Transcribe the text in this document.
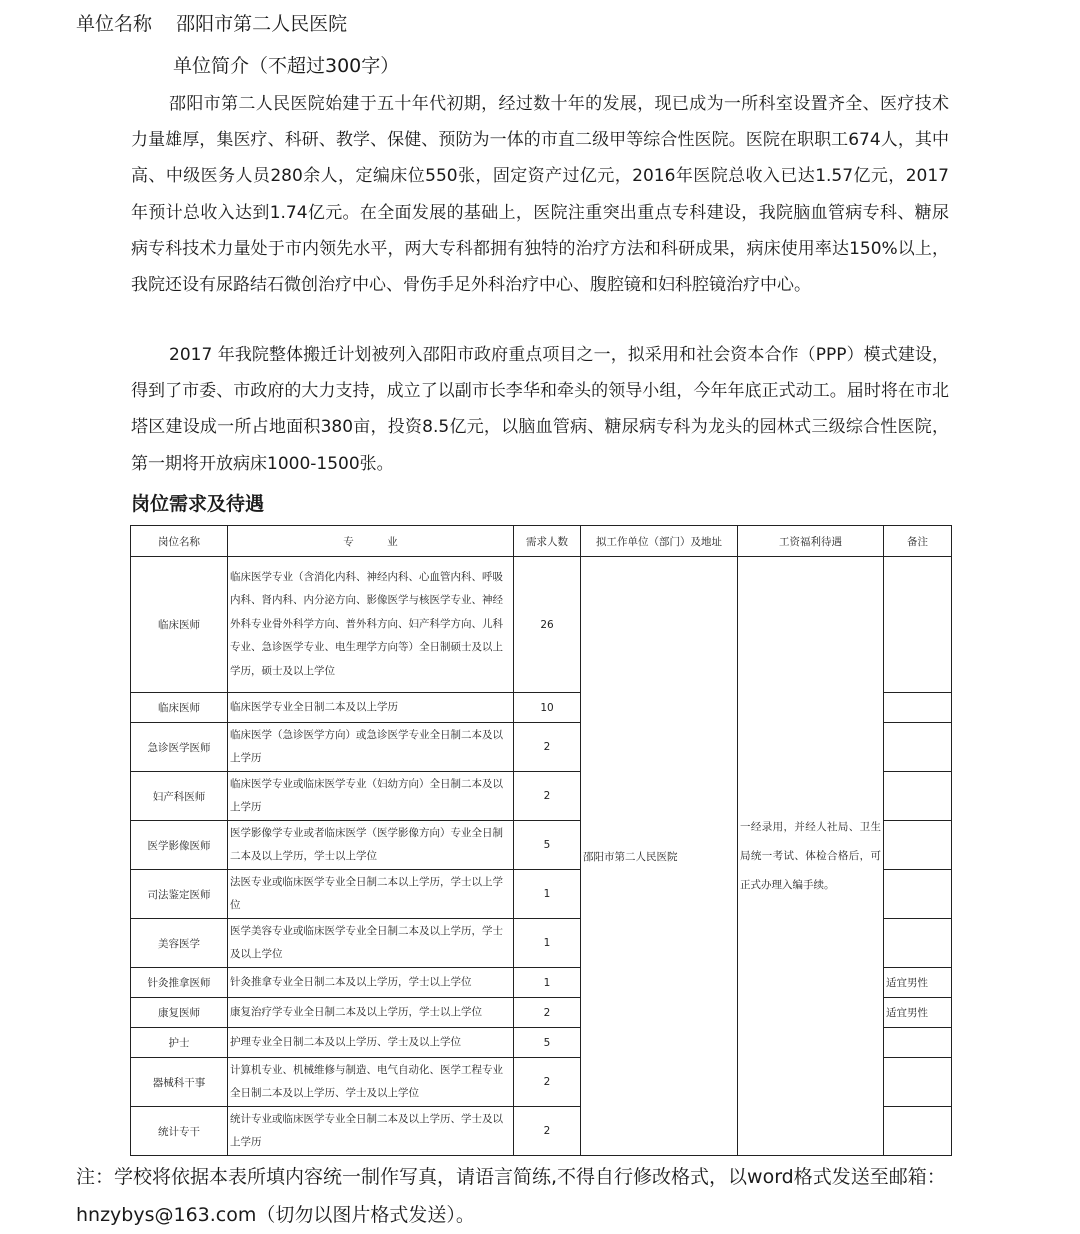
单位名称    邵阳市第二人民医院
单位简介（不超过300字）

邵阳市第二人民医院始建于五十年代初期，经过数十年的发展，现已成为一所科室设置齐全、医疗技术力量雄厚，集医疗、科研、教学、保健、预防为一体的市直二级甲等综合性医院。医院在职职工674人，其中高、中级医务人员280余人，定编床位550张，固定资产过亿元，2016年医院总收入已达1.57亿元，2017年预计总收入达到1.74亿元。在全面发展的基础上，医院注重突出重点专科建设，我院脑血管病专科、糖尿病专科技术力量处于市内领先水平，两大专科都拥有独特的治疗方法和科研成果，病床使用率达150%以上，我院还设有尿路结石微创治疗中心、骨伤手足外科治疗中心、腹腔镜和妇科腔镜治疗中心。

2017 年我院整体搬迁计划被列入邵阳市政府重点项目之一，拟采用和社会资本合作（PPP）模式建设，得到了市委、市政府的大力支持，成立了以副市长李华和牵头的领导小组，今年年底正式动工。届时将在市北塔区建设成一所占地面积380亩，投资8.5亿元，以脑血管病、糖尿病专科为龙头的园林式三级综合性医院，第一期将开放病床1000-1500张。

岗位需求及待遇
岗位名称	专          业	需求人数	拟工作单位（部门）及地址	工资福利待遇	备注
临床医师	临床医学专业（含消化内科、神经内科、心血管内科、呼吸内科、肾内科、内分泌方向、影像医学与核医学专业、神经外科专业骨外科学方向、普外科方向、妇产科学方向、儿科专业、急诊医学专业、电生理学方向等）全日制硕士及以上学历，硕士及以上学位	26	邵阳市第二人民医院	一经录用，并经人社局、卫生局统一考试、体检合格后，可正式办理入编手续。	
临床医师	临床医学专业全日制二本及以上学历	10			
急诊医学医师	临床医学（急诊医学方向）或急诊医学专业全日制二本及以上学历	2			
妇产科医师	临床医学专业或临床医学专业（妇幼方向）全日制二本及以上学历	2			
医学影像医师	医学影像学专业或者临床医学（医学影像方向）专业全日制二本及以上学历，学士以上学位	5			
司法鉴定医师	法医专业或临床医学专业全日制二本以上学历，学士以上学位	1			
美容医学	医学美容专业或临床医学专业全日制二本及以上学历，学士及以上学位	1			
针灸推拿医师	针灸推拿专业全日制二本及以上学历，学士以上学位	1			适宜男性
康复医师	康复治疗学专业全日制二本及以上学历，学士以上学位	2			适宜男性
护士	护理专业全日制二本及以上学历、学士及以上学位	5			
器械科干事	计算机专业、机械维修与制造、电气自动化、医学工程专业全日制二本及以上学历、学士及以上学位	2			
统计专干	统计专业或临床医学专业全日制二本及以上学历、学士及以上学历	2			
注：学校将依据本表所填内容统一制作写真，请语言简练,不得自行修改格式，以word格式发送至邮箱：hnzybys@163.com（切勿以图片格式发送）。
